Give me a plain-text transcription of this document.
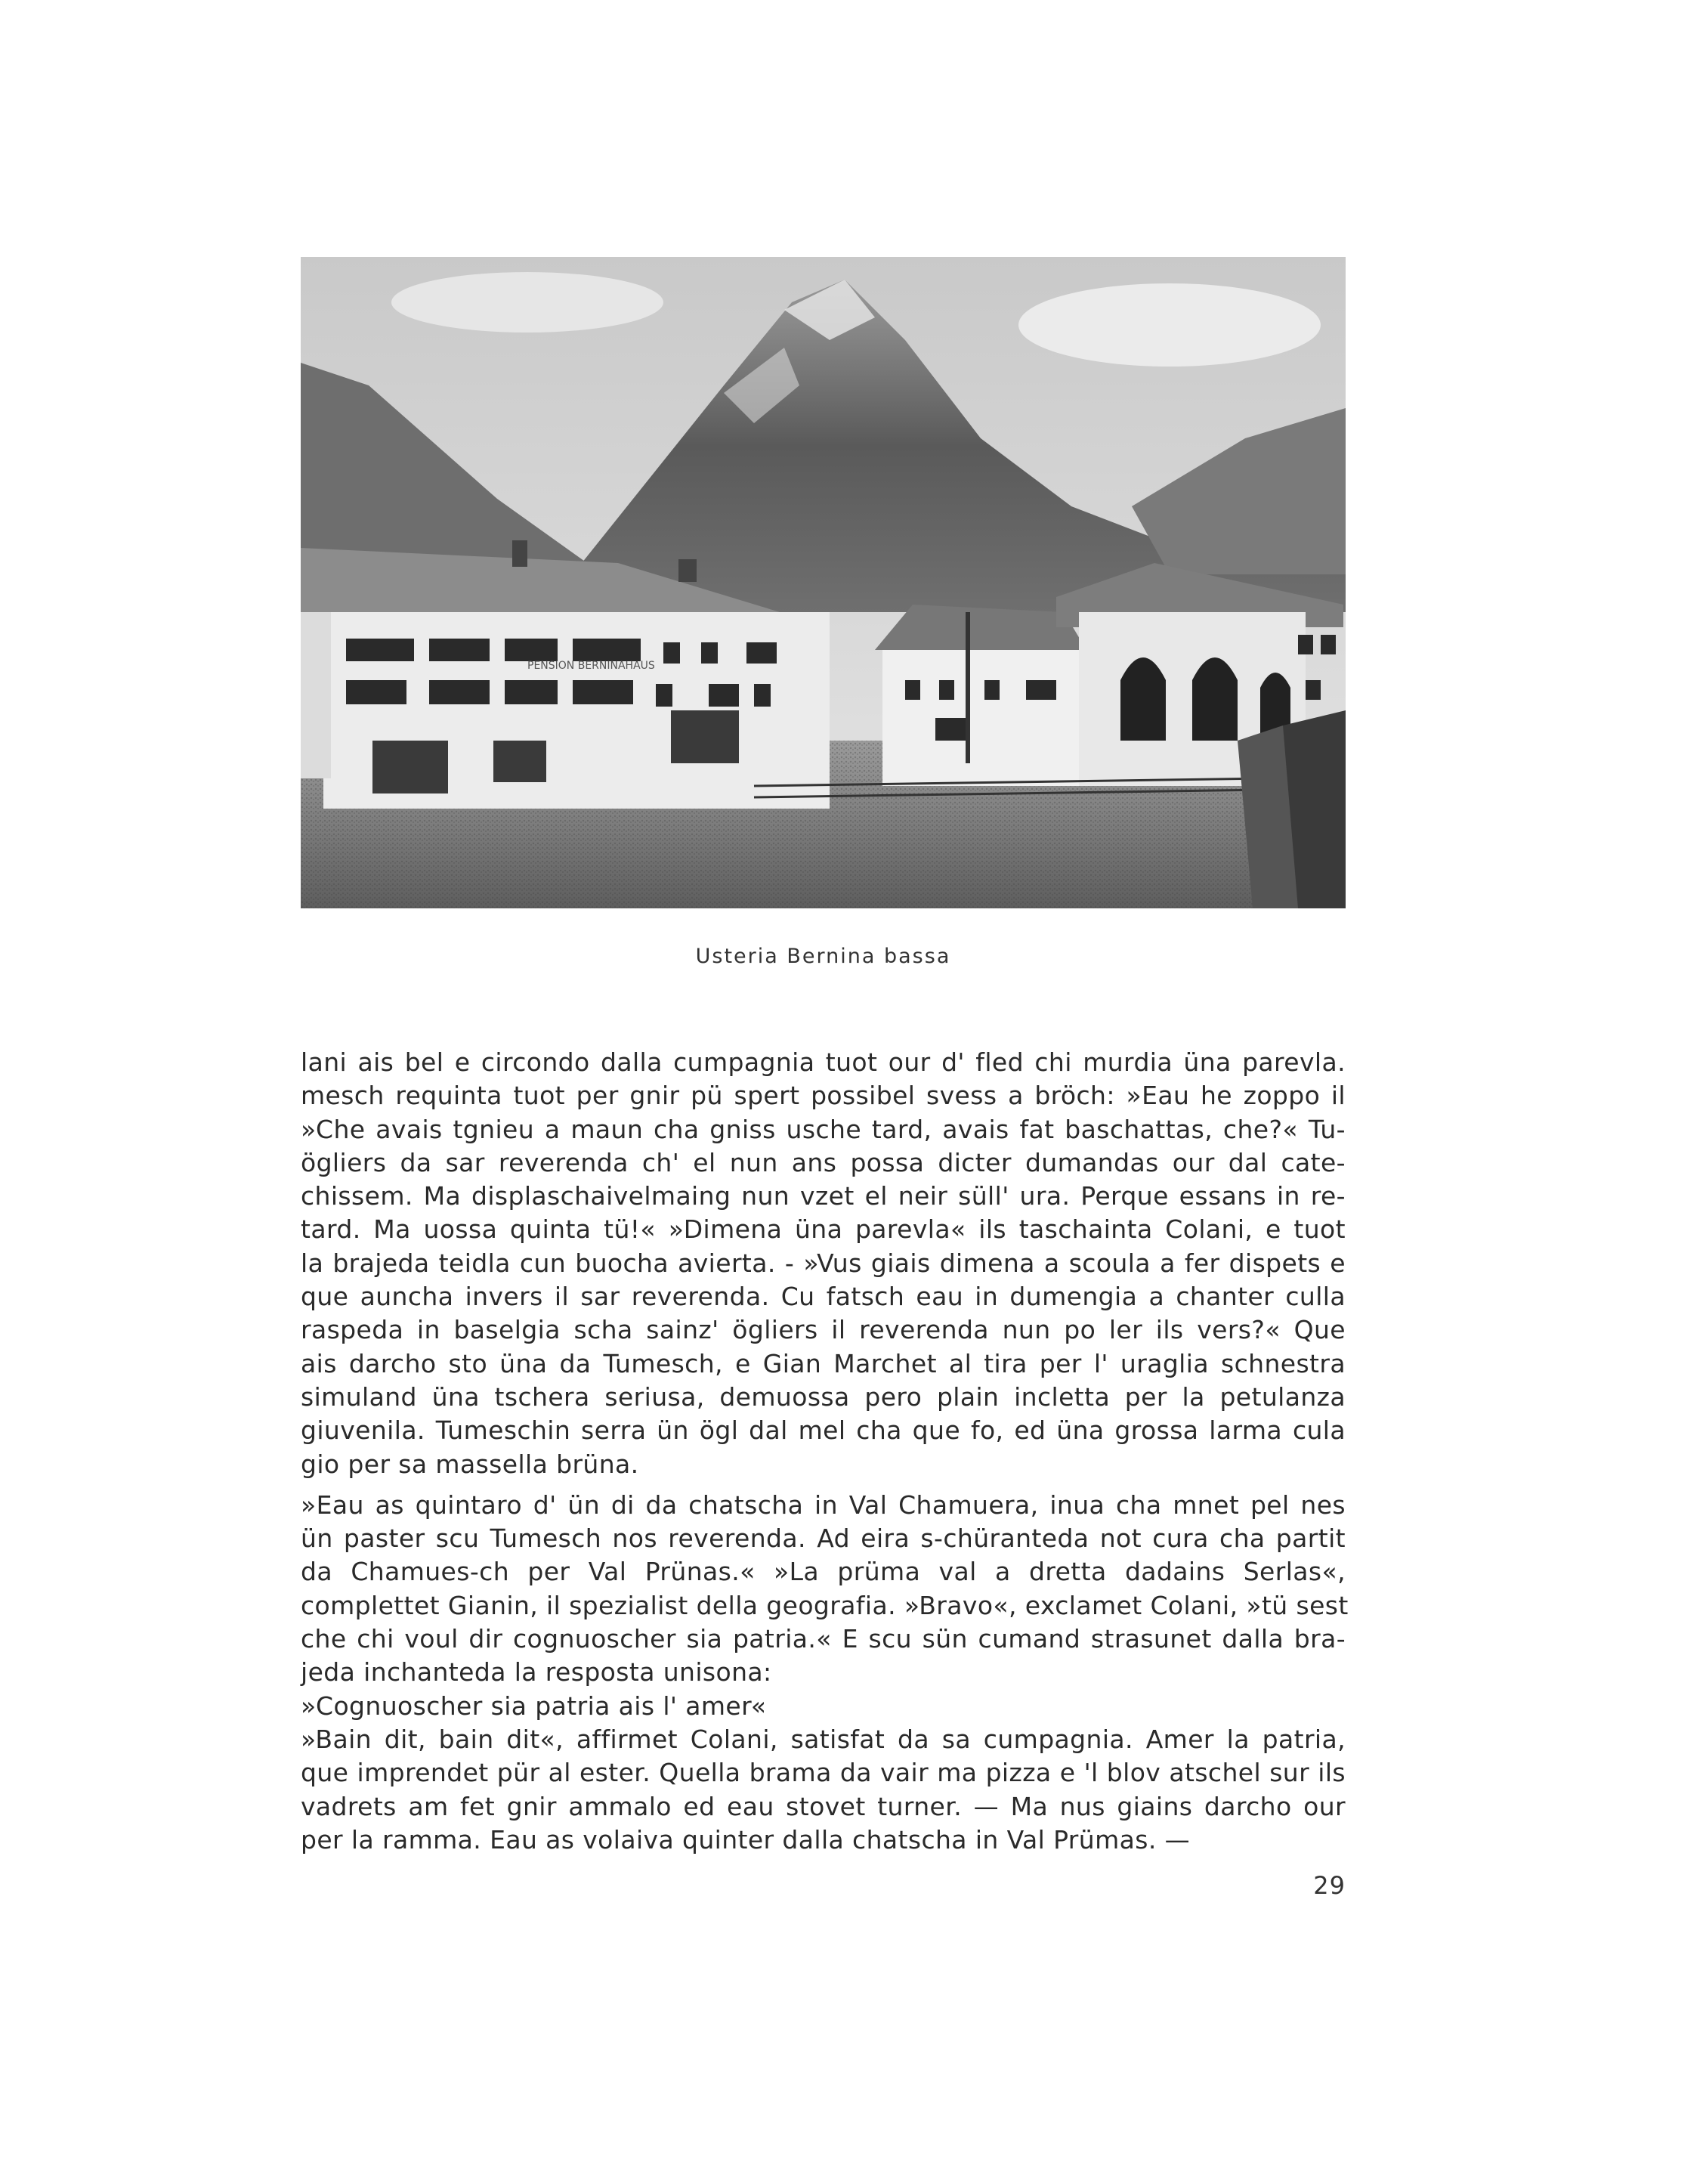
PENSION BERNINAHAUS
Usteria Bernina bassa
lani ais bel e circondo dalla cumpagnia tuot our d' fled chi murdia üna parevla.
mesch requinta tuot per gnir pü spert possibel svess a bröch: »Eau he zoppo il
»Che avais tgnieu a maun cha gniss usche tard, avais fat baschattas, che?« Tu-
ögliers da sar reverenda ch' el nun ans possa dicter dumandas our dal cate-
chissem. Ma displaschaivelmaing nun vzet el neir süll' ura. Perque essans in re-
tard. Ma uossa quinta tü!« »Dimena üna parevla« ils taschainta Colani, e tuot
la brajeda teidla cun buocha avierta. - »Vus giais dimena a scoula a fer dispets e
que auncha invers il sar reverenda. Cu fatsch eau in dumengia a chanter culla
raspeda in baselgia scha sainz' ögliers il reverenda nun po ler ils vers?« Que
ais darcho sto üna da Tumesch, e Gian Marchet al tira per l' uraglia schnestra
simuland üna tschera seriusa, demuossa pero plain incletta per la petulanza
giuvenila. Tumeschin serra ün ögl dal mel cha que fo, ed üna grossa larma cula
gio per sa massella brüna.
»Eau as quintaro d' ün di da chatscha in Val Chamuera, inua cha mnet pel nes
ün paster scu Tumesch nos reverenda. Ad eira s-chüranteda not cura cha partit
da Chamues-ch per Val Prünas.« »La prüma val a dretta dadains Serlas«,
complettet Gianin, il spezialist della geografia. »Bravo«, exclamet Colani, »tü sest
che chi voul dir cognuoscher sia patria.« E scu sün cumand strasunet dalla bra-
jeda inchanteda la resposta unisona:
»Cognuoscher sia patria ais l' amer«
»Bain dit, bain dit«, affirmet Colani, satisfat da sa cumpagnia. Amer la patria,
que imprendet pür al ester. Quella brama da vair ma pizza e 'l blov atschel sur ils
vadrets am fet gnir ammalo ed eau stovet turner. — Ma nus giains darcho our
per la ramma. Eau as volaiva quinter dalla chatscha in Val Prümas. —
29
